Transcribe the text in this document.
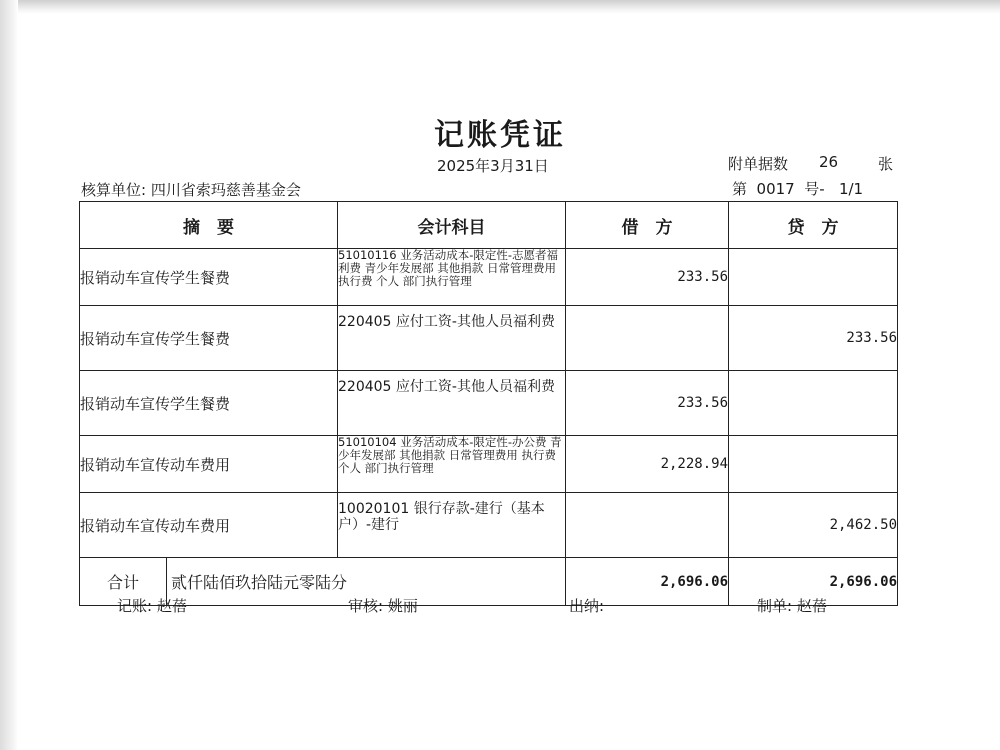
记账凭证
2025年3月31日	附单据数 26	张
核算单位: 四川省索玛慈善基金会	第  0017  号-   1/1
摘　要	会计科目	借　方	贷　方
报销动车宣传学生餐费	51010116 业务活动成本-限定性-志愿者福利费 青少年发展部 其他捐款 日常管理费用 执行费 个人 部门执行管理	233.56	
报销动车宣传学生餐费	220405 应付工资-其他人员福利费		233.56
报销动车宣传学生餐费	220405 应付工资-其他人员福利费	233.56	
报销动车宣传动车费用	51010104 业务活动成本-限定性-办公费 青少年发展部 其他捐款 日常管理费用 执行费 个人 部门执行管理	2,228.94	
报销动车宣传动车费用	10020101 银行存款-建行（基本户）-建行		2,462.50

合计 贰仟陆佰玖拾陆元零陆分		2,696.06	2,696.06
记账: 赵蓓	审核: 姚丽	出纳:	制单: 赵蓓
